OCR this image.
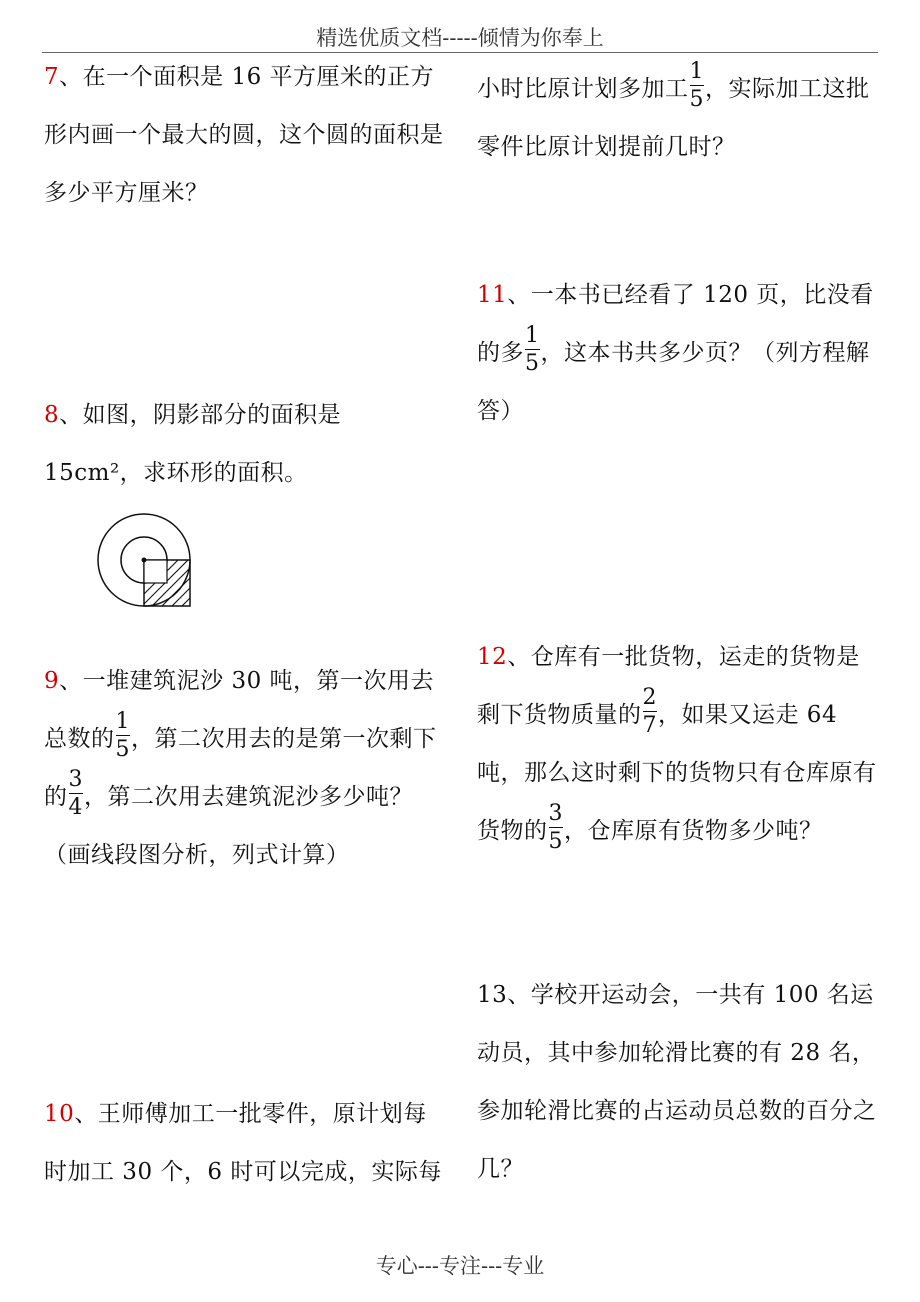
精选优质文档-----倾情为你奉上
7、在一个面积是 16 平方厘米的正方形内画一个最大的圆，这个圆的面积是多少平方厘米？
8、如图，阴影部分的面积是 15cm²，求环形的面积。
9、一堆建筑泥沙 30 吨，第一次用去总数的 $\frac{1}{5}$ ，第二次用去的是第一次剩下的 $\frac{3}{4}$ ，第二次用去建筑泥沙多少吨？（画线段图分析，列式计算）
10、王师傅加工一批零件，原计划每时加工 30 个，6 时可以完成，实际每
小时比原计划多加工 $\frac{1}{5}$ ，实际加工这批零件比原计划提前几时？
11、一本书已经看了 120 页，比没看的多 $\frac{1}{5}$ ，这本书共多少页？（列方程解答）
12、仓库有一批货物，运走的货物是剩下货物质量的 $\frac{2}{7}$ ，如果又运走 64 吨，那么这时剩下的货物只有仓库原有货物的 $\frac{3}{5}$ ，仓库原有货物多少吨？
13、学校开运动会，一共有 100 名运动员，其中参加轮滑比赛的有 28 名，参加轮滑比赛的占运动员总数的百分之几？
专心---专注---专业
